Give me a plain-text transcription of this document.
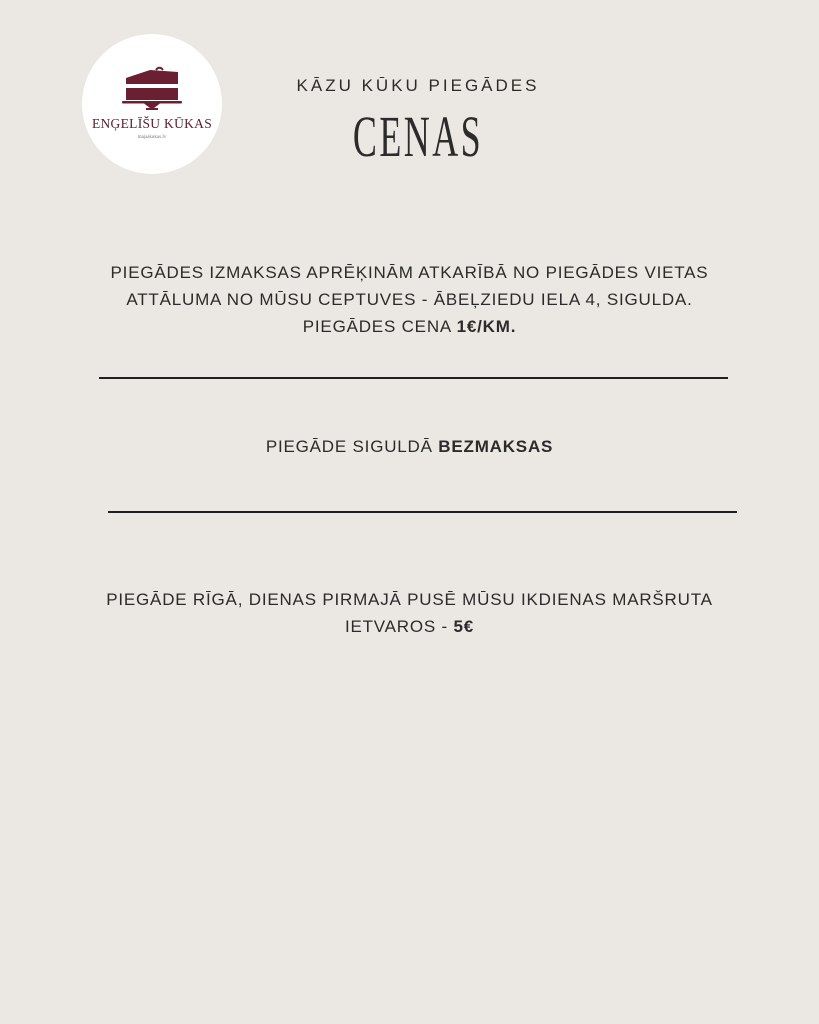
ENĢELĪŠU KŪKAS
majaskukas.lv
KĀZU KŪKU PIEGĀDES
CENAS
PIEGĀDES IZMAKSAS APRĒĶINĀM ATKARĪBĀ NO PIEGĀDES VIETAS
ATTĀLUMA NO MŪSU CEPTUVES - ĀBEĻZIEDU IELA 4, SIGULDA.
PIEGĀDES CENA 1€/KM.
PIEGĀDE SIGULDĀ BEZMAKSAS
PIEGĀDE RĪGĀ, DIENAS PIRMAJĀ PUSĒ MŪSU IKDIENAS MARŠRUTA
IETVAROS - 5€
